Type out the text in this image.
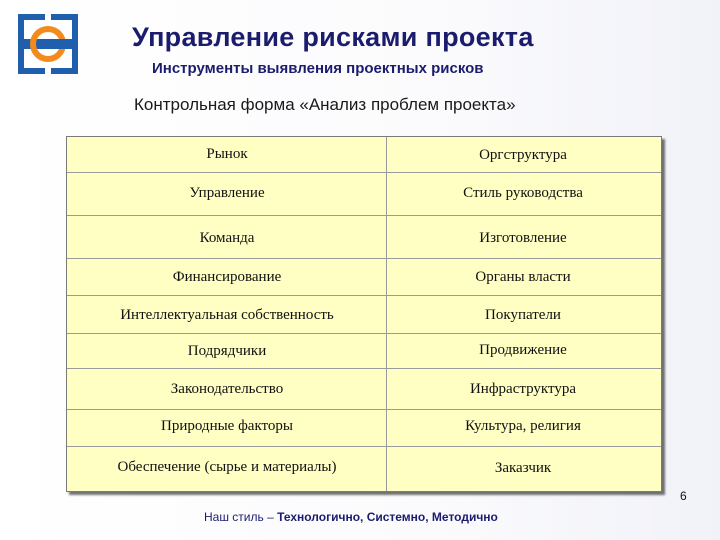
Управление рисками проекта
Инструменты выявления проектных рисков
Контрольная форма «Анализ проблем проекта»
Рынок	Оргструктура
Управление	Стиль руководства
Команда	Изготовление
Финансирование	Органы власти
Интеллектуальная собственность	Покупатели
Подрядчики	Продвижение
Законодательство	Инфраструктура
Природные факторы	Культура, религия
Обеспечение (сырье и материалы)	Заказчик
6
Наш стиль – Технологично, Системно, Методично
